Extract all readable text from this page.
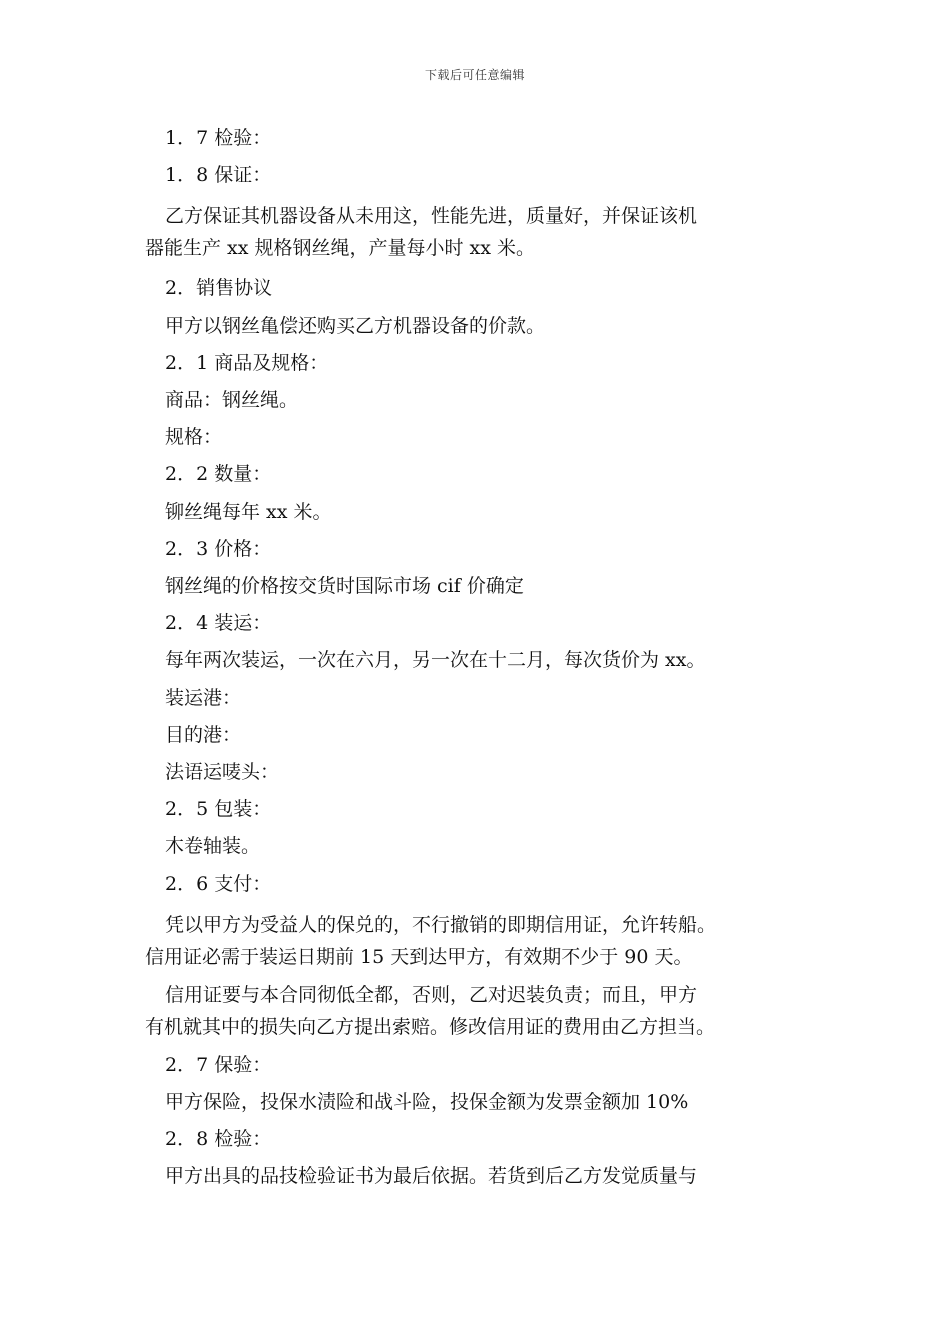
下载后可任意编辑
1．7 检验：
1．8 保证：

乙方保证其机器设备从未用这，性能先进，质量好，并保证该机
器能生产 xx 规格钢丝绳，产量每小时 xx 米。

2．销售协议
甲方以钢丝亀偿还购买乙方机器设备的价款。
2．1 商品及规格：
商品：钢丝绳。
规格：
2．2 数量：
铆丝绳每年 xx 米。
2．3 价格：
钢丝绳的价格按交货时国际市场 cif 价确定
2．4 装运：
每年两次装运，一次在六月，另一次在十二月，每次货价为 xx。
装运港：
目的港：
法语运唛头：
2．5 包装：
木卷轴装。
2．6 支付：

凭以甲方为受益人的保兑的，不行撤销的即期信用证，允许转船。
信用证必需于装运日期前 15 天到达甲方，有效期不少于 90 天。

信用证要与本合同彻低全都，否则，乙对迟装负责；而且，甲方
有机就其中的损失向乙方提出索赔。修改信用证的费用由乙方担当。

2．7 保验：
甲方保险，投保水渍险和战斗险，投保金额为发票金额加 10%
2．8 检验：
甲方出具的品技检验证书为最后依据。若货到后乙方发觉质量与
